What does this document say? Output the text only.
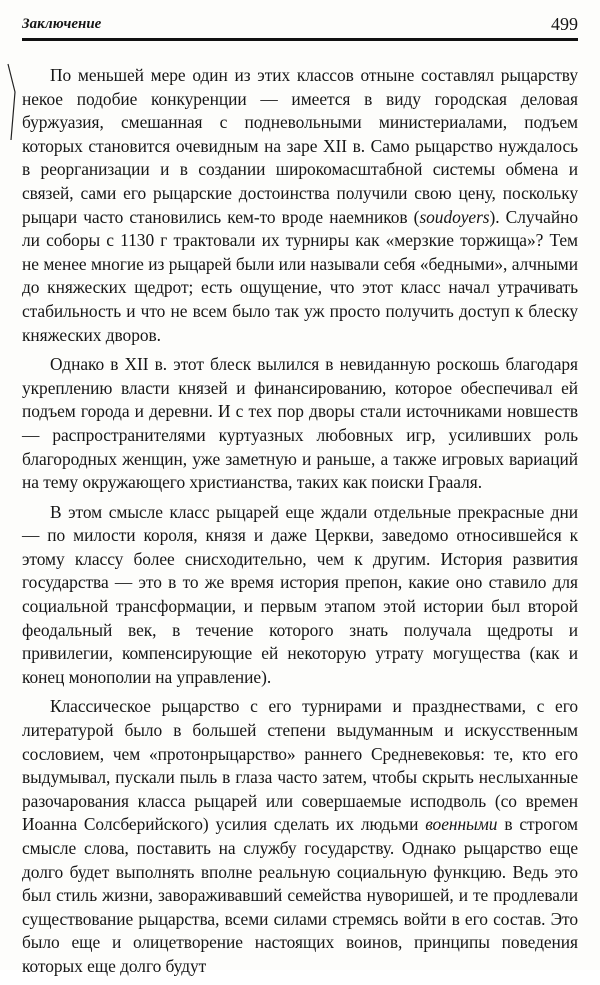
Заключение	499

По меньшей мере один из этих классов отныне составлял рыцарству некое подобие конкуренции — имеется в виду городская деловая буржуазия, смешанная с подневольными министериалами, подъем которых становится очевидным на заре XII в. Само рыцарство нуждалось в реорганизации и в создании широкомасштабной системы обмена и связей, сами его рыцарские достоинства получили свою цену, поскольку рыцари часто становились кем-то вроде наемников (soudoyers). Случайно ли соборы с 1130 г трактовали их турниры как «мерзкие торжища»? Тем не менее многие из рыцарей были или называли себя «бедными», алчными до княжеских щедрот; есть ощущение, что этот класс начал утрачивать стабильность и что не всем было так уж просто получить доступ к блеску княжеских дворов.

Однако в XII в. этот блеск вылился в невиданную роскошь благодаря укреплению власти князей и финансированию, которое обеспечивал ей подъем города и деревни. И с тех пор дворы стали источниками новшеств — распространителями куртуазных любовных игр, усиливших роль благородных женщин, уже заметную и раньше, а также игровых вариаций на тему окружающего христианства, таких как поиски Грааля.

В этом смысле класс рыцарей еще ждали отдельные прекрасные дни — по милости короля, князя и даже Церкви, заведомо относившейся к этому классу более снисходительно, чем к другим. История развития государства — это в то же время история препон, какие оно ставило для социальной трансформации, и первым этапом этой истории был второй феодальный век, в течение которого знать получала щедроты и привилегии, компенсирующие ей некоторую утрату могущества (как и конец монополии на управление).

Классическое рыцарство с его турнирами и празднествами, с его литературой было в большей степени выдуманным и искусственным сословием, чем «протонрыцарство» раннего Средневековья: те, кто его выдумывал, пускали пыль в глаза часто затем, чтобы скрыть неслыханные разочарования класса рыцарей или совершаемые исподволь (со времен Иоанна Солсберийского) усилия сделать их людьми военными в строгом смысле слова, поставить на службу государству. Однако рыцарство еще долго будет выполнять вполне реальную социальную функцию. Ведь это был стиль жизни, завораживавший семейства нуворишей, и те продлевали существование рыцарства, всеми силами стремясь войти в его состав. Это было еще и олицетворение настоящих воинов, принципы поведения которых еще долго будут
